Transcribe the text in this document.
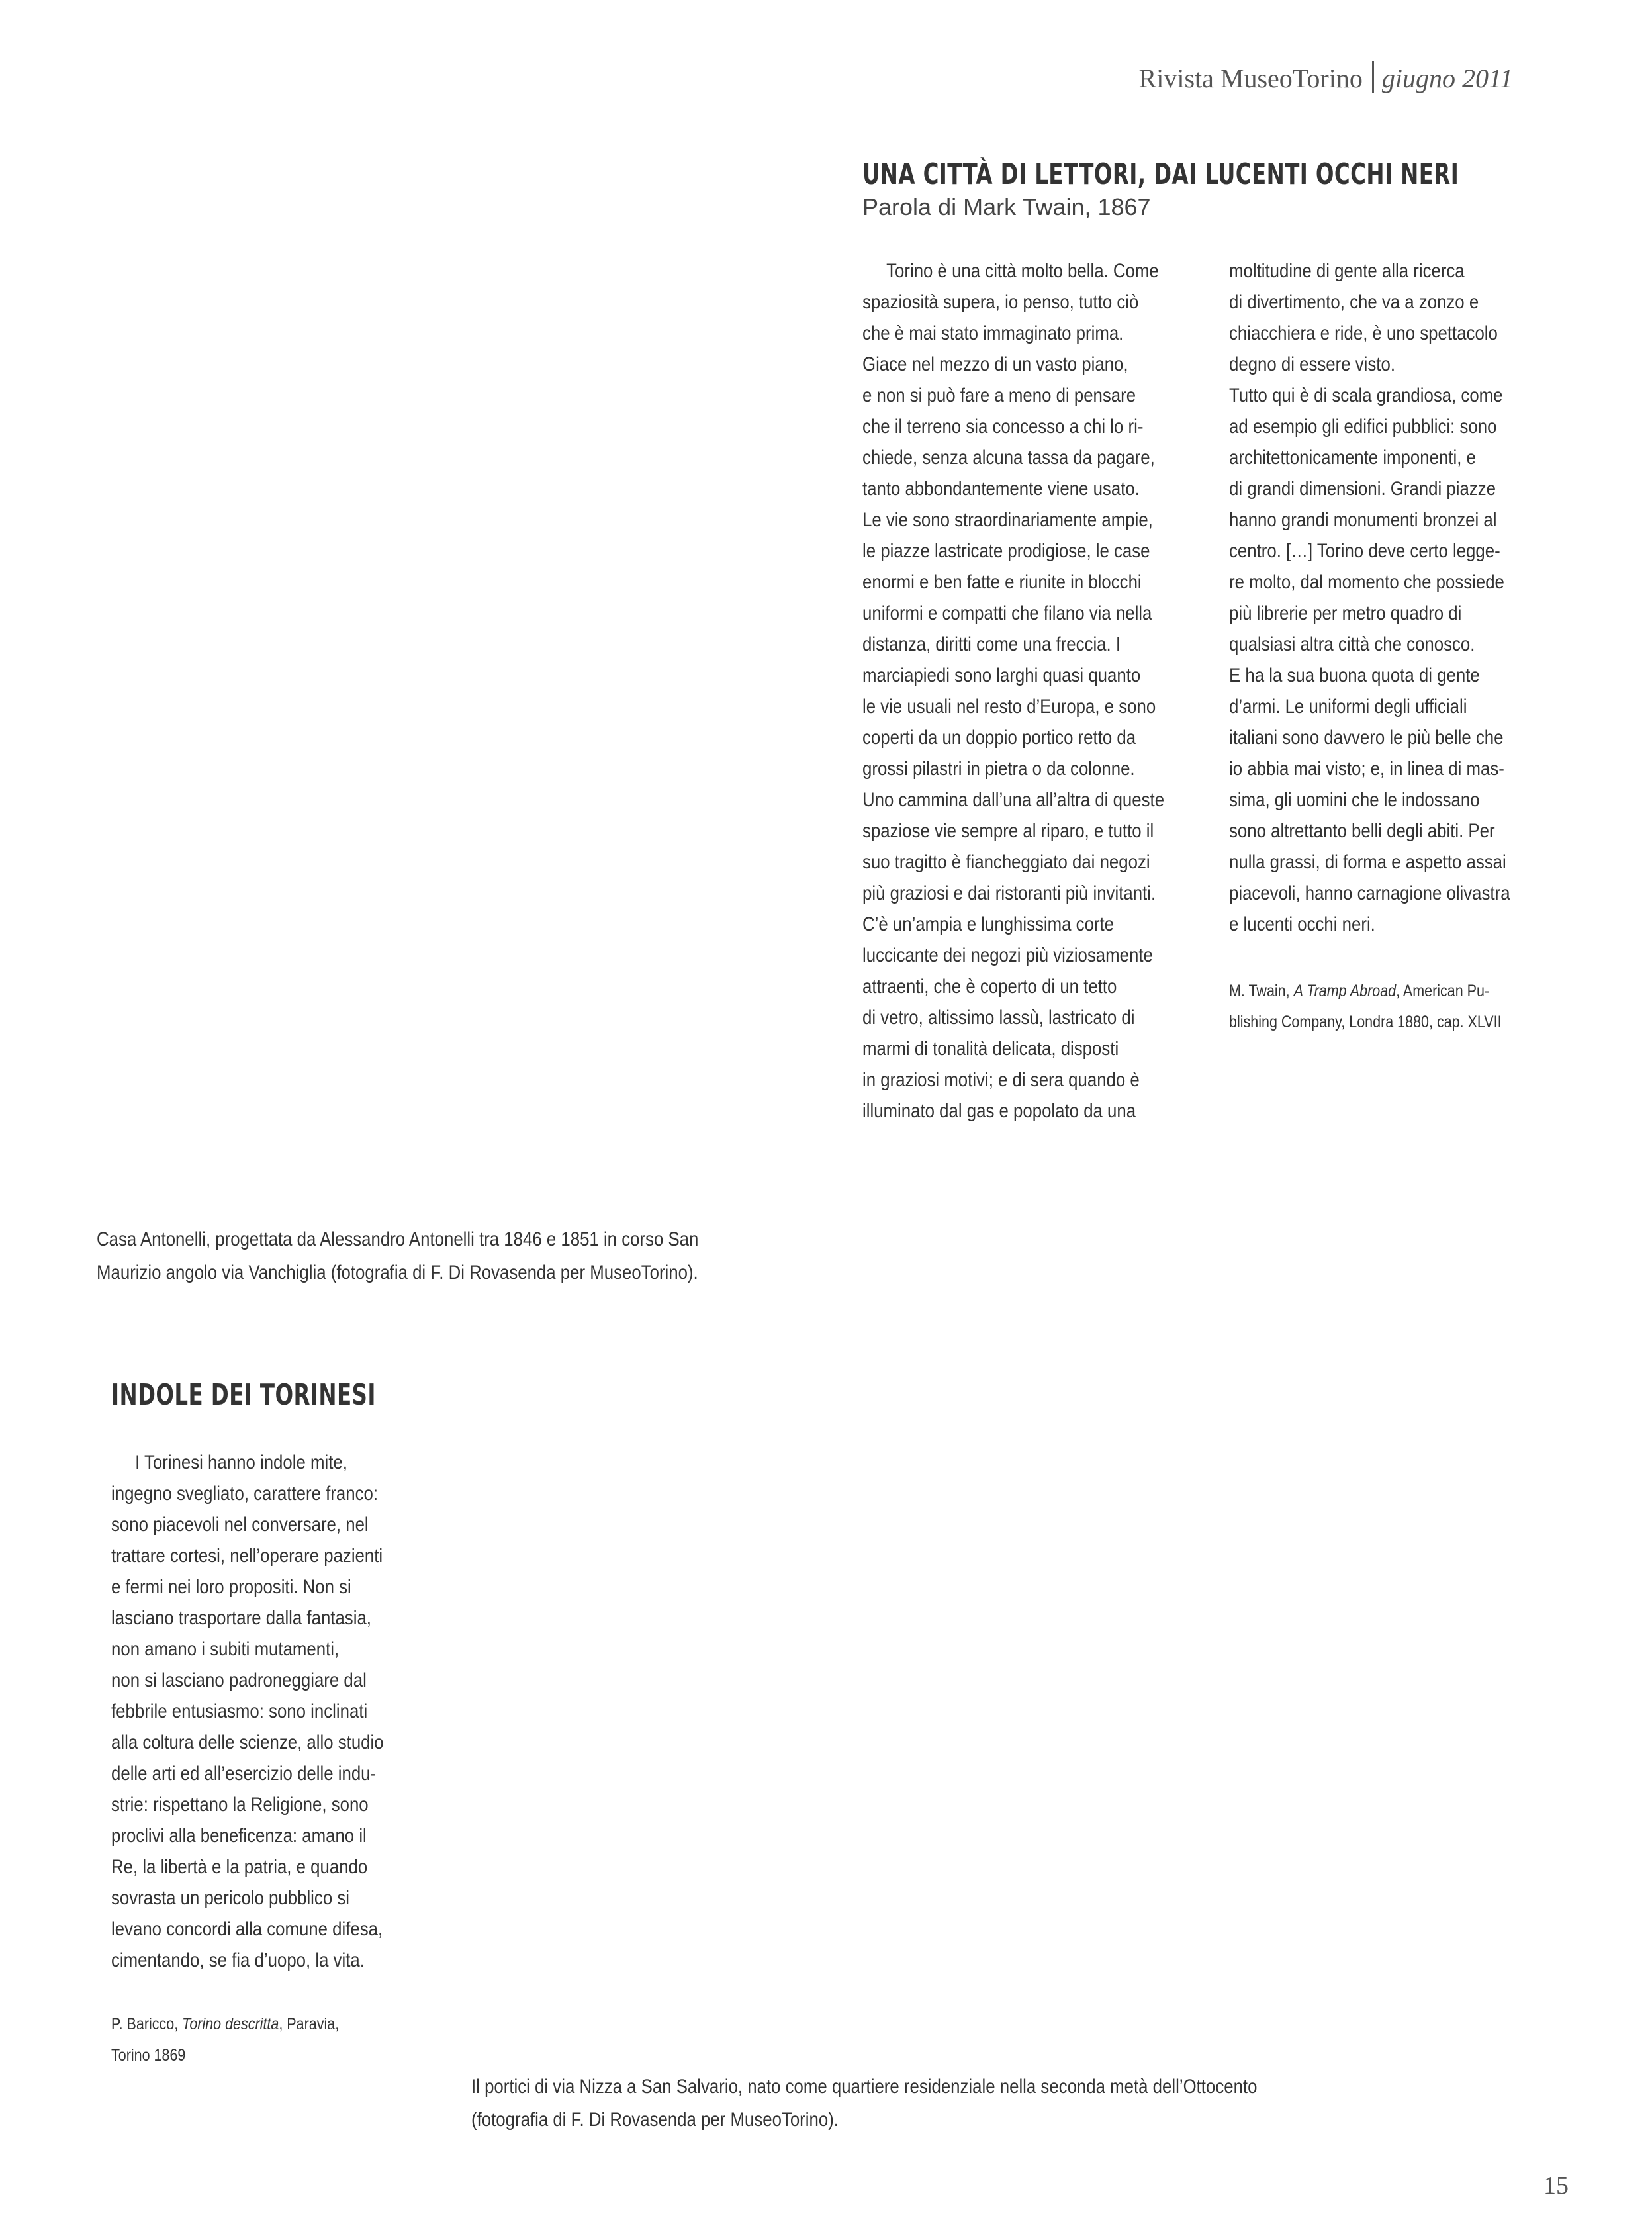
Rivista MuseoTorino giugno 2011
UNA CITTÀ DI LETTORI, DAI LUCENTI OCCHI NERI
Parola di Mark Twain, 1867
Torino è una città molto bella. Come
spaziosità supera, io penso, tutto ciò
che è mai stato immaginato prima.
Giace nel mezzo di un vasto piano,
e non si può fare a meno di pensare
che il terreno sia concesso a chi lo ri-
chiede, senza alcuna tassa da pagare,
tanto abbondantemente viene usato.
Le vie sono straordinariamente ampie,
le piazze lastricate prodigiose, le case
enormi e ben fatte e riunite in blocchi
uniformi e compatti che filano via nella
distanza, diritti come una freccia. I
marciapiedi sono larghi quasi quanto
le vie usuali nel resto d’Europa, e sono
coperti da un doppio portico retto da
grossi pilastri in pietra o da colonne.
Uno cammina dall’una all’altra di queste
spaziose vie sempre al riparo, e tutto il
suo tragitto è fiancheggiato dai negozi
più graziosi e dai ristoranti più invitanti.
C’è un’ampia e lunghissima corte
luccicante dei negozi più viziosamente
attraenti, che è coperto di un tetto
di vetro, altissimo lassù, lastricato di
marmi di tonalità delicata, disposti
in graziosi motivi; e di sera quando è
illuminato dal gas e popolato da una
moltitudine di gente alla ricerca
di divertimento, che va a zonzo e
chiacchiera e ride, è uno spettacolo
degno di essere visto.
Tutto qui è di scala grandiosa, come
ad esempio gli edifici pubblici: sono
architettonicamente imponenti, e
di grandi dimensioni. Grandi piazze
hanno grandi monumenti bronzei al
centro. […] Torino deve certo legge-
re molto, dal momento che possiede
più librerie per metro quadro di
qualsiasi altra città che conosco.
E ha la sua buona quota di gente
d’armi. Le uniformi degli ufficiali
italiani sono davvero le più belle che
io abbia mai visto; e, in linea di mas-
sima, gli uomini che le indossano
sono altrettanto belli degli abiti. Per
nulla grassi, di forma e aspetto assai
piacevoli, hanno carnagione olivastra
e lucenti occhi neri.
M. Twain, A Tramp Abroad, American Pu-
blishing Company, Londra 1880, cap. XLVII
Casa Antonelli, progettata da Alessandro Antonelli tra 1846 e 1851 in corso San
Maurizio angolo via Vanchiglia (fotografia di F. Di Rovasenda per MuseoTorino).
INDOLE DEI TORINESI
I Torinesi hanno indole mite,
ingegno svegliato, carattere franco:
sono piacevoli nel conversare, nel
trattare cortesi, nell’operare pazienti
e fermi nei loro propositi. Non si
lasciano trasportare dalla fantasia,
non amano i subiti mutamenti,
non si lasciano padroneggiare dal
febbrile entusiasmo: sono inclinati
alla coltura delle scienze, allo studio
delle arti ed all’esercizio delle indu-
strie: rispettano la Religione, sono
proclivi alla beneficenza: amano il
Re, la libertà e la patria, e quando
sovrasta un pericolo pubblico si
levano concordi alla comune difesa,
cimentando, se fia d’uopo, la vita.
P. Baricco, Torino descritta, Paravia,
Torino 1869
Il portici di via Nizza a San Salvario, nato come quartiere residenziale nella seconda metà dell’Ottocento
(fotografia di F. Di Rovasenda per MuseoTorino).
15
